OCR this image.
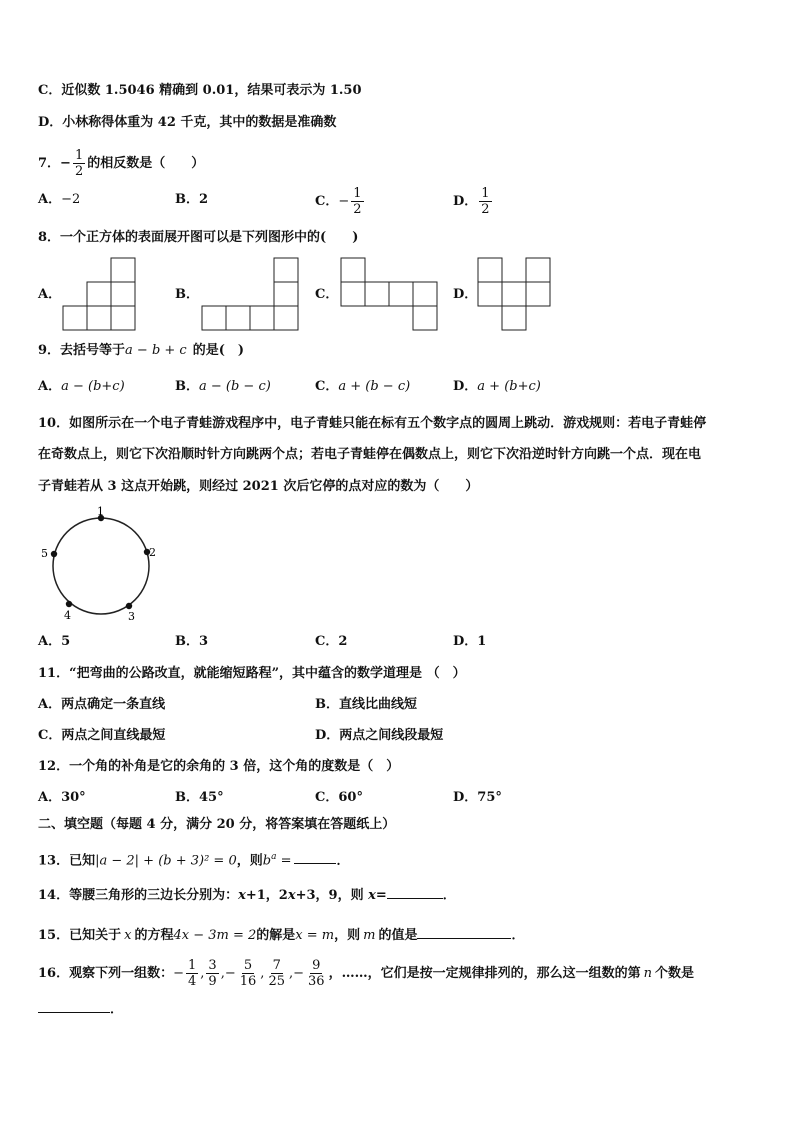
C．近似数 1.5046 精确到 0.01，结果可表示为 1.50
D．小林称得体重为 42 千克，其中的数据是准确数
7．− $\frac{1}{2}$ 的相反数是（　　）
A．−2	B．2	C．− $\frac{1}{2}$	D． $\frac{1}{2}$
8．一个正方体的表面展开图可以是下列图形中的(　　)
A．	B．	C．	D．
9．去括号等于a − b + c 的是(　)
A．a − (b+c)	B．a − (b − c)	C．a + (b − c)	D．a + (b+c)
10．如图所示在一个电子青蛙游戏程序中，电子青蛙只能在标有五个数字点的圆周上跳动．游戏规则：若电子青蛙停
在奇数点上，则它下次沿顺时针方向跳两个点；若电子青蛙停在偶数点上，则它下次沿逆时针方向跳一个点．现在电
子青蛙若从 3 这点开始跳，则经过 2021 次后它停的点对应的数为（　　）
1
2
3
4
5
A．5	B．3	C．2	D．1
11．“把弯曲的公路改直，就能缩短路程”，其中蕴含的数学道理是 （　）
A．两点确定一条直线	B．直线比曲线短
C．两点之间直线最短	D．两点之间线段最短
12．一个角的补角是它的余角的 3 倍，这个角的度数是（　）
A．30°	B．45°	C．60°	D．75°
二、填空题（每题 4 分，满分 20 分，将答案填在答题纸上）
13．已知|a − 2| + (b + 3)² = 0，则$b^a$ =	．
14．等腰三角形的三边长分别为：x+1，2x+3，9，则 x=	．
15．已知关于 x 的方程4x − 3m = 2的解是x = m，则 m 的值是	．
16．观察下列一组数：− $\frac{1}{4}$ , $\frac{3}{9}$ ,− $\frac{5}{16}$ , $\frac{7}{25}$ ,− $\frac{9}{36}$ ，……，它们是按一定规律排列的，那么这一组数的第 n 个数是
．
